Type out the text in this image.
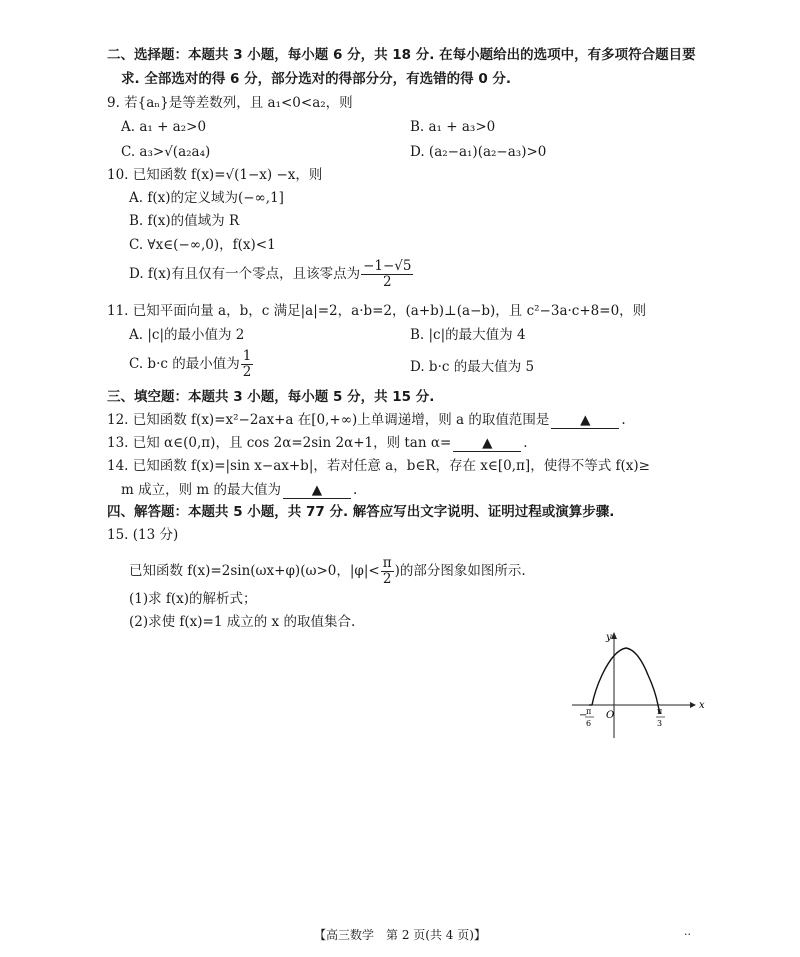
二、选择题：本题共 3 小题，每小题 6 分，共 18 分. 在每小题给出的选项中，有多项符合题目要
求. 全部选对的得 6 分，部分选对的得部分分，有选错的得 0 分.
9. 若{aₙ}是等差数列，且 a₁<0<a₂，则
A. a₁ + a₂>0	B. a₁ + a₃>0
C. a₃>√(a₂a₄)	D. (a₂−a₁)(a₂−a₃)>0
10. 已知函数 f(x)=√(1−x) −x，则
A. f(x)的定义域为(−∞,1]
B. f(x)的值域为 R
C. ∀x∈(−∞,0)，f(x)<1
D. f(x)有且仅有一个零点，且该零点为 $\frac{-1-√5}{2}$
11. 已知平面向量 a，b，c 满足|a|=2，a·b=2，(a+b)⊥(a−b)，且 c²−3a·c+8=0，则
A. |c|的最小值为 2	B. |c|的最大值为 4
C. b·c 的最小值为 $\frac{1}{2}$	D. b·c 的最大值为 5
三、填空题：本题共 3 小题，每小题 5 分，共 15 分.
12. 已知函数 f(x)=x²−2ax+a 在[0,+∞)上单调递增，则 a 的取值范围是 ▲ .
13. 已知 α∈(0,π)，且 cos 2α=2sin 2α+1，则 tan α= ▲ .
14. 已知函数 f(x)=|sin x−ax+b|，若对任意 a，b∈R，存在 x∈[0,π]，使得不等式 f(x)≥
m 成立，则 m 的最大值为 ▲ .
四、解答题：本题共 5 小题，共 77 分. 解答应写出文字说明、证明过程或演算步骤.
15. (13 分)
已知函数 f(x)=2sin(ωx+φ)(ω>0，$|\varphi|< \frac{\pi}{2}$ )的部分图象如图所示.
(1)求 f(x)的解析式；
(2)求使 f(x)=1 成立的 x 的取值集合.
y
x
O
−
π
6
π
3
【高三数学　第 2 页(共 4 页)】	··
